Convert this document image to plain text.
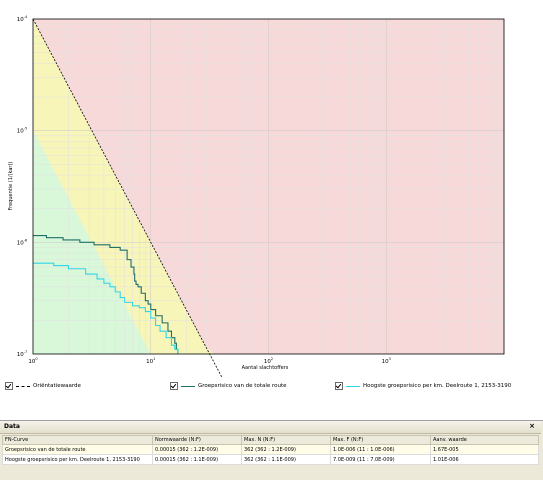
$10^0$	$10^1$	$10^2$	$10^3$
$10^{-4}$
$10^{-5}$
$10^{-6}$
$10^{-7}$
Aantal slachtoffers
Frequentie (1/(kar))
Oriëntatiewaarde	Groepsrisico van de totale route	Hoogste groepsrisico per km. Deelroute 1, 2153-3190
Data	×
FN-Curve	Normwaarde (N:F)	Max. N (N:F)	Max. F (N:F)	Aanv. waarde
Groepsrisico van de totale route	0.00015 (362 : 1.2E-009)	362 (362 : 1.2E-009)	1.0E-006 (11 : 1.0E-006)	1.67E-005
Hoogste groepsrisico per km. Deelroute 1, 2153-3190	0.00015 (362 : 1.1E-009)	362 (362 : 1.1E-009)	7.0E-009 (11 : 7.0E-009)	1.01E-006
